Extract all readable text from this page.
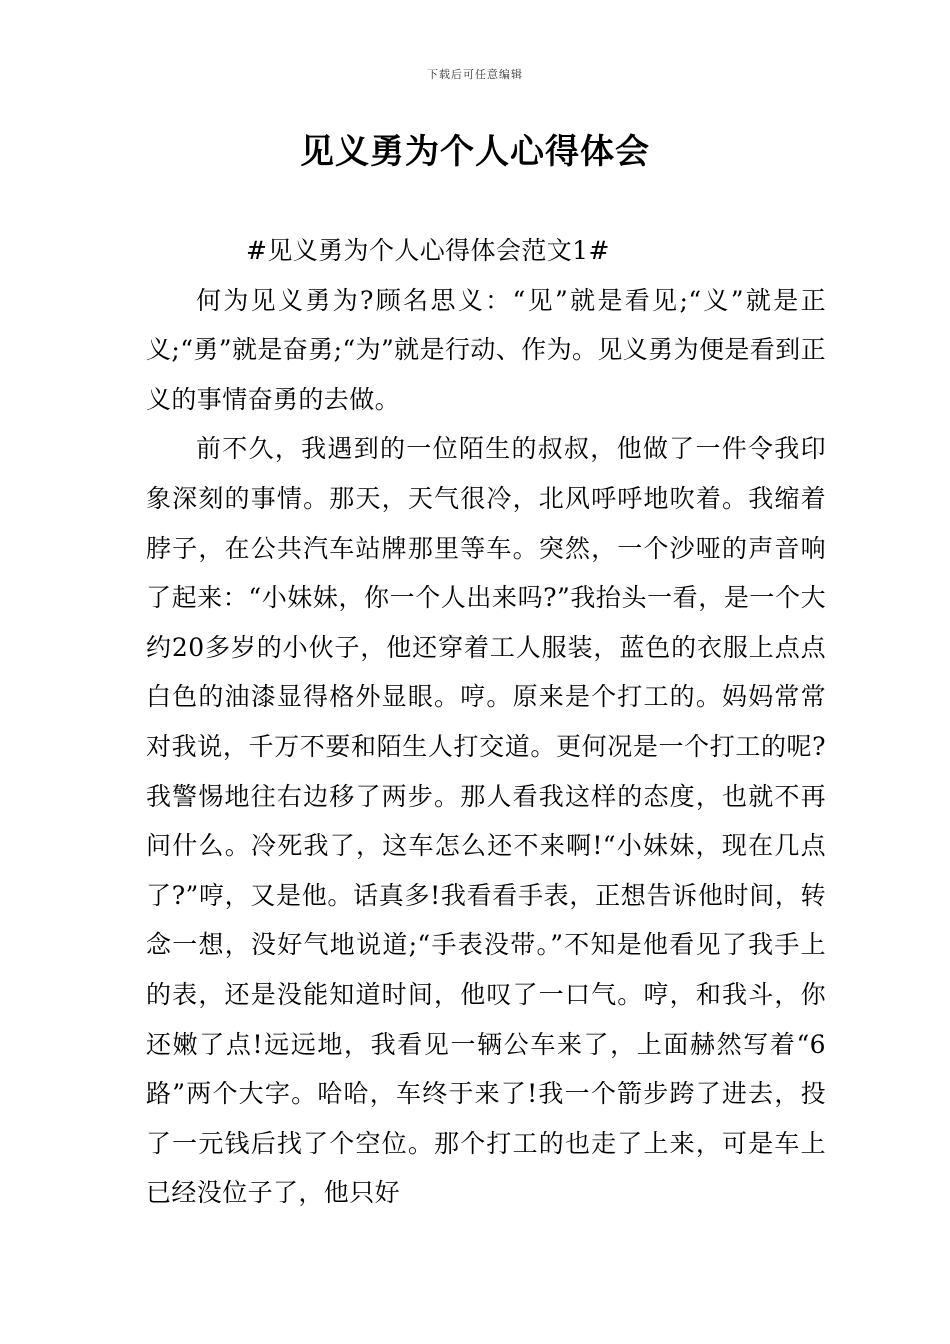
下载后可任意编辑
见义勇为个人心得体会

#见义勇为个人心得体会范文1#

何为见义勇为?顾名思义：“见”就是看见;“义”就是正义;“勇”就是奋勇;“为”就是行动、作为。见义勇为便是看到正义的事情奋勇的去做。

前不久，我遇到的一位陌生的叔叔，他做了一件令我印象深刻的事情。那天，天气很冷，北风呼呼地吹着。我缩着脖子，在公共汽车站牌那里等车。突然，一个沙哑的声音响了起来：“小妹妹，你一个人出来吗?”我抬头一看，是一个大约20多岁的小伙子，他还穿着工人服装，蓝色的衣服上点点白色的油漆显得格外显眼。哼。原来是个打工的。妈妈常常对我说，千万不要和陌生人打交道。更何况是一个打工的呢?我警惕地往右边移了两步。那人看我这样的态度，也就不再问什么。冷死我了，这车怎么还不来啊!“小妹妹，现在几点了?”哼，又是他。话真多!我看看手表，正想告诉他时间，转念一想，没好气地说道;“手表没带。”不知是他看见了我手上的表，还是没能知道时间，他叹了一口气。哼，和我斗，你还嫩了点!远远地，我看见一辆公车来了，上面赫然写着“6路”两个大字。哈哈，车终于来了!我一个箭步跨了进去，投了一元钱后找了个空位。那个打工的也走了上来，可是车上已经没位子了，他只好
